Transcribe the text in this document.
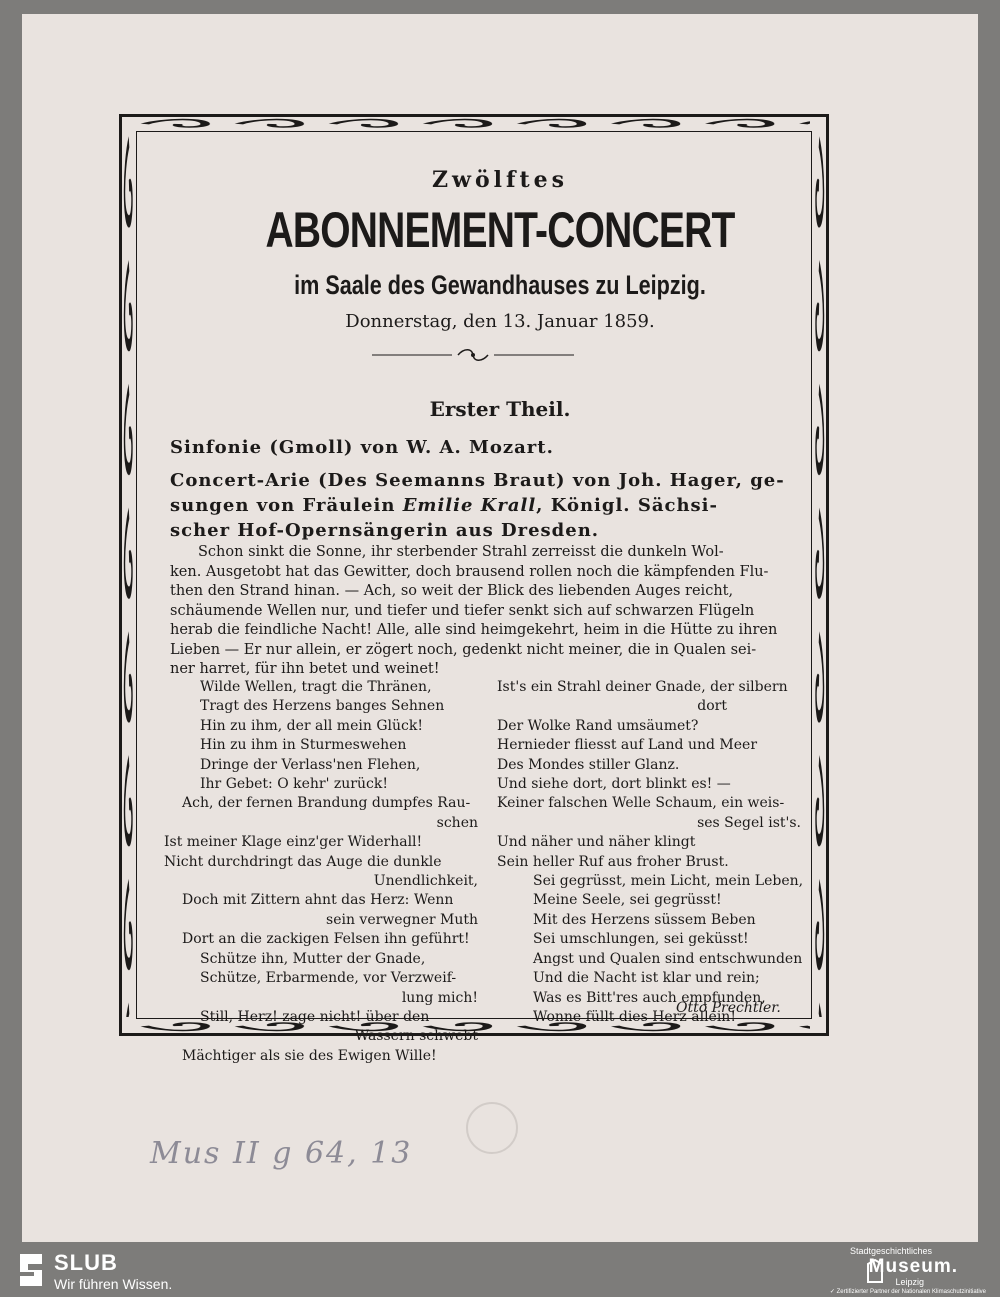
Zwölftes
ABONNEMENT-CONCERT
im Saale des Gewandhauses zu Leipzig.
Donnerstag, den 13. Januar 1859.
Erster Theil.
Sinfonie (Gmoll) von W. A. Mozart.
Concert-Arie (Des Seemanns Braut) von Joh. Hager, ge-
sungen von Fräulein Emilie Krall, Königl. Sächsi-
scher Hof-Opernsängerin aus Dresden.
Schon sinkt die Sonne, ihr sterbender Strahl zerreisst die dunkeln Wol-
ken. Ausgetobt hat das Gewitter, doch brausend rollen noch die kämpfenden Flu-
then den Strand hinan. — Ach, so weit der Blick des liebenden Auges reicht,
schäumende Wellen nur, und tiefer und tiefer senkt sich auf schwarzen Flügeln
herab die feindliche Nacht! Alle, alle sind heimgekehrt, heim in die Hütte zu ihren
Lieben — Er nur allein, er zögert noch, gedenkt nicht meiner, die in Qualen sei-
ner harret, für ihn betet und weinet!
Wilde Wellen, tragt die Thränen,
Tragt des Herzens banges Sehnen
Hin zu ihm, der all mein Glück!
Hin zu ihm in Sturmeswehen
Dringe der Verlass'nen Flehen,
Ihr Gebet: O kehr' zurück!
Ach, der fernen Brandung dumpfes Rau-
schen
Ist meiner Klage einz'ger Widerhall!
Nicht durchdringt das Auge die dunkle
Unendlichkeit,
Doch mit Zittern ahnt das Herz: Wenn
sein verwegner Muth
Dort an die zackigen Felsen ihn geführt!
Schütze ihn, Mutter der Gnade,
Schütze, Erbarmende, vor Verzweif-
lung mich!
Still, Herz! zage nicht! über den
Wassern schwebt
Mächtiger als sie des Ewigen Wille!
Ist's ein Strahl deiner Gnade, der silbern
dort
Der Wolke Rand umsäumet?
Hernieder fliesst auf Land und Meer
Des Mondes stiller Glanz.
Und siehe dort, dort blinkt es! —
Keiner falschen Welle Schaum, ein weis-
ses Segel ist's.
Und näher und näher klingt
Sein heller Ruf aus froher Brust.
Sei gegrüsst, mein Licht, mein Leben,
Meine Seele, sei gegrüsst!
Mit des Herzens süssem Beben
Sei umschlungen, sei geküsst!
Angst und Qualen sind entschwunden
Und die Nacht ist klar und rein;
Was es Bitt'res auch empfunden,
Wonne füllt dies Herz allein!
Otto Prechtler.
Mus II g 64, 13
SLUB
Wir führen Wissen.
Stadtgeschichtliches
Museum.
Leipzig
✓ Zertifizierter Partner der Nationalen Klimaschutzinitiative
